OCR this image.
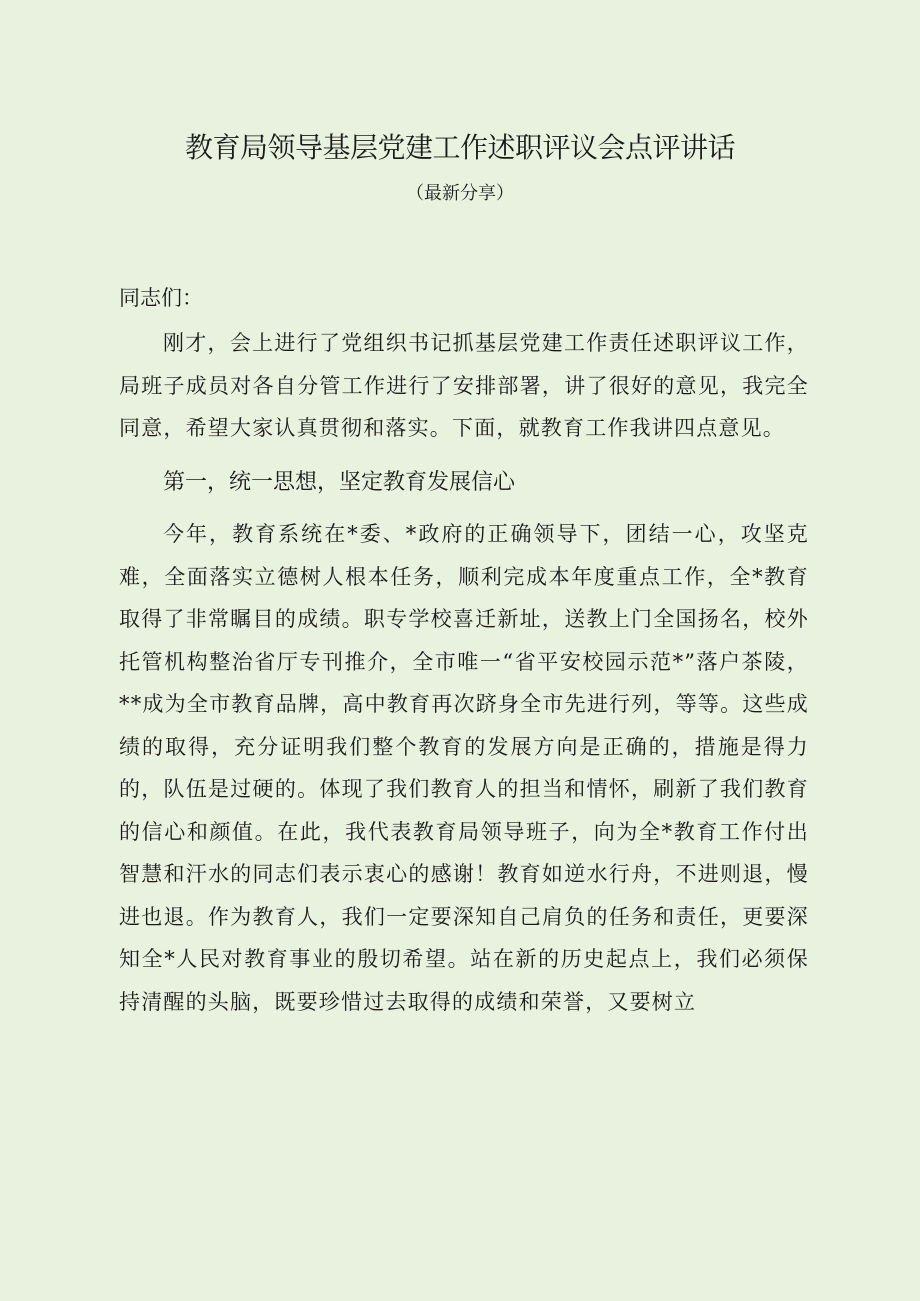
教育局领导基层党建工作述职评议会点评讲话

（最新分享）

同志们：

刚才，会上进行了党组织书记抓基层党建工作责任述职评议工作，局班子成员对各自分管工作进行了安排部署，讲了很好的意见，我完全同意，希望大家认真贯彻和落实。下面，就教育工作我讲四点意见。

第一，统一思想，坚定教育发展信心

今年，教育系统在*委、*政府的正确领导下，团结一心，攻坚克难，全面落实立德树人根本任务，顺利完成本年度重点工作，全*教育取得了非常瞩目的成绩。职专学校喜迁新址，送教上门全国扬名，校外托管机构整治省厅专刊推介，全市唯一“省平安校园示范*”落户茶陵，**成为全市教育品牌，高中教育再次跻身全市先进行列，等等。这些成绩的取得，充分证明我们整个教育的发展方向是正确的，措施是得力的，队伍是过硬的。体现了我们教育人的担当和情怀，刷新了我们教育的信心和颜值。在此，我代表教育局领导班子，向为全*教育工作付出智慧和汗水的同志们表示衷心的感谢！教育如逆水行舟，不进则退，慢进也退。作为教育人，我们一定要深知自己肩负的任务和责任，更要深知全*人民对教育事业的殷切希望。站在新的历史起点上，我们必须保持清醒的头脑，既要珍惜过去取得的成绩和荣誉，又要树立
